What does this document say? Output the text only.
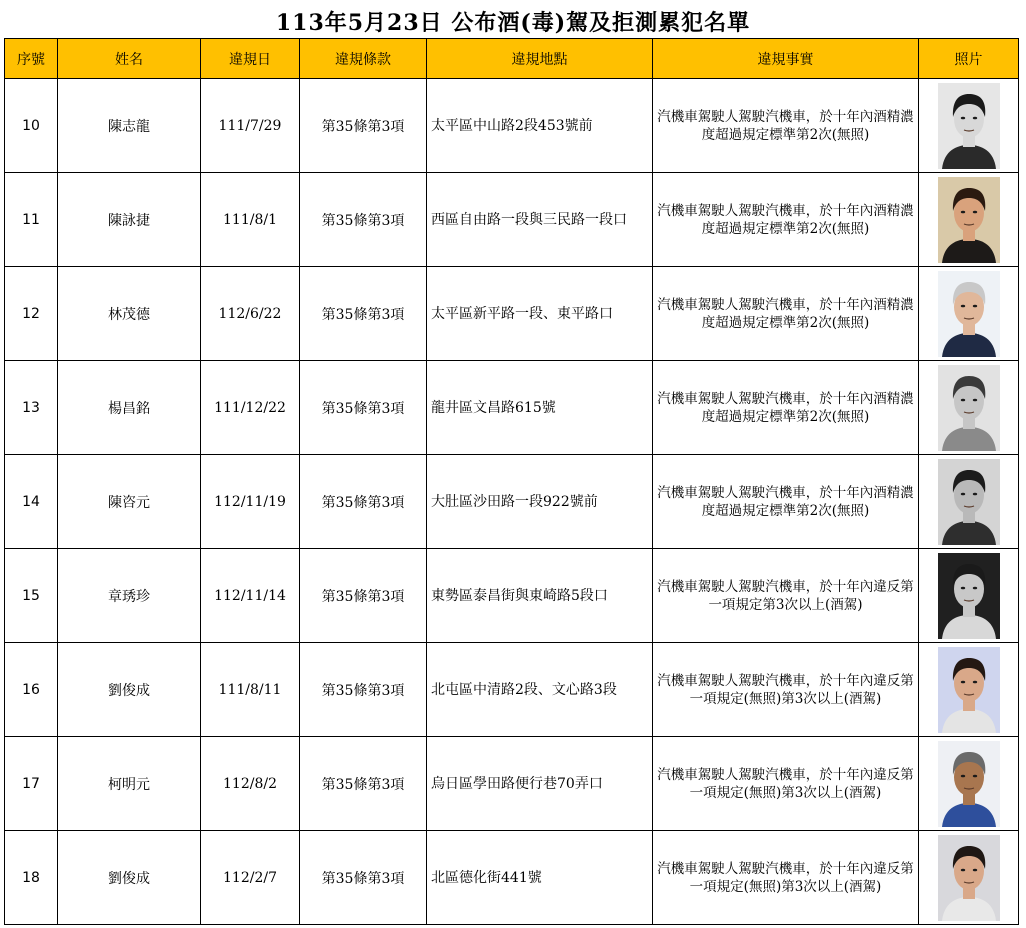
113年5月23日 公布酒(毒)駕及拒測累犯名單
序號	姓名	違規日	違規條款	違規地點	違規事實	照片
10	陳志龍	111/7/29	第35條第3項	太平區中山路2段453號前	汽機車駕駛人駕駛汽機車，於十年內酒精濃度超過規定標準第2次(無照)	
11	陳詠捷	111/8/1	第35條第3項	西區自由路一段與三民路一段口	汽機車駕駛人駕駛汽機車，於十年內酒精濃度超過規定標準第2次(無照)	
12	林茂德	112/6/22	第35條第3項	太平區新平路一段、東平路口	汽機車駕駛人駕駛汽機車，於十年內酒精濃度超過規定標準第2次(無照)	
13	楊昌銘	111/12/22	第35條第3項	龍井區文昌路615號	汽機車駕駛人駕駛汽機車，於十年內酒精濃度超過規定標準第2次(無照)	
14	陳咨元	112/11/19	第35條第3項	大肚區沙田路一段922號前	汽機車駕駛人駕駛汽機車，於十年內酒精濃度超過規定標準第2次(無照)	
15	章琇珍	112/11/14	第35條第3項	東勢區泰昌街與東崎路5段口	汽機車駕駛人駕駛汽機車，於十年內違反第一項規定第3次以上(酒駕)	
16	劉俊成	111/8/11	第35條第3項	北屯區中清路2段、文心路3段	汽機車駕駛人駕駛汽機車，於十年內違反第一項規定(無照)第3次以上(酒駕)	
17	柯明元	112/8/2	第35條第3項	烏日區學田路便行巷70弄口	汽機車駕駛人駕駛汽機車，於十年內違反第一項規定(無照)第3次以上(酒駕)	
18	劉俊成	112/2/7	第35條第3項	北區德化街441號	汽機車駕駛人駕駛汽機車，於十年內違反第一項規定(無照)第3次以上(酒駕)	
